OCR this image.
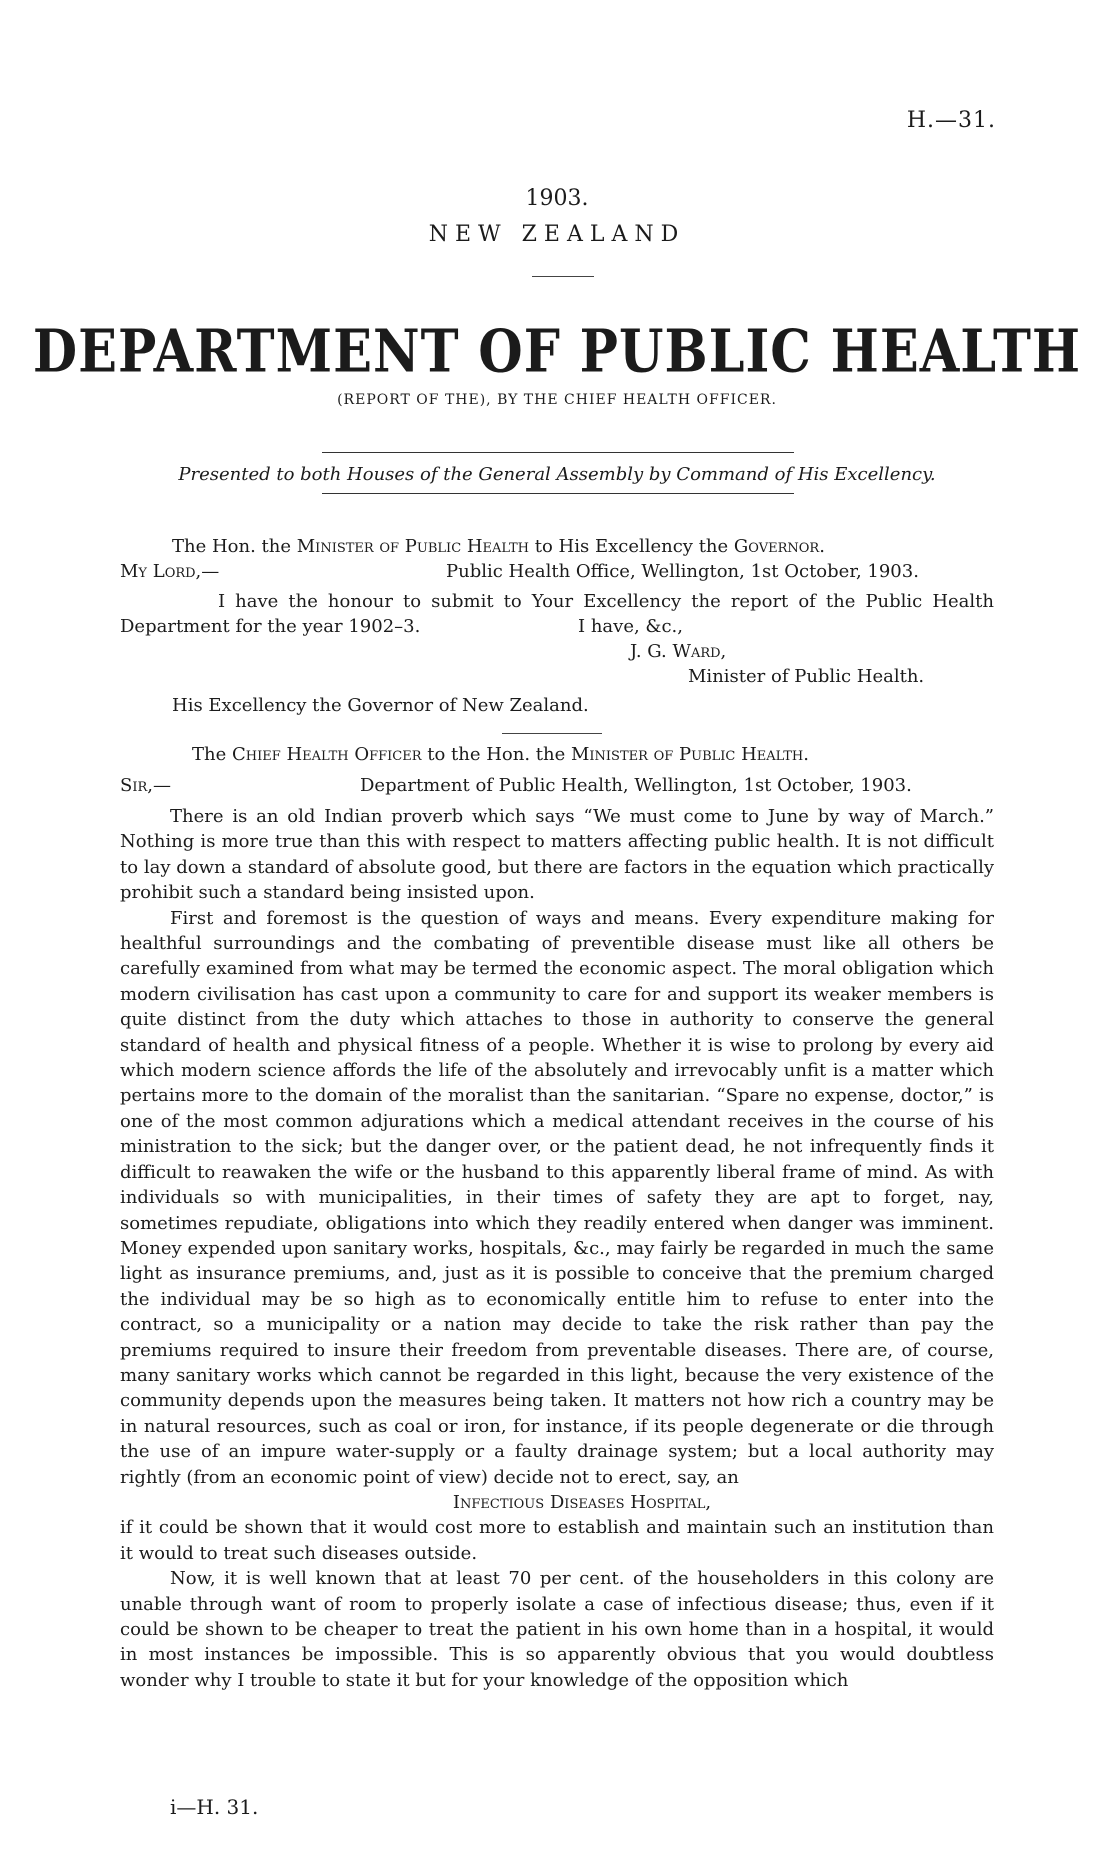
H.—31.
1903.
NEW ZEALAND
DEPARTMENT OF PUBLIC HEALTH
(REPORT OF THE), BY THE CHIEF HEALTH OFFICER.
Presented to both Houses of the General Assembly by Command of His Excellency.
The Hon. the Minister of Public Health to His Excellency the Governor.
My Lord,—	Public Health Office, Wellington, 1st October, 1903.
I have the honour to submit to Your Excellency the report of the Public Health
Department for the year 1902–3.	I have, &c.,
J. G. Ward,
Minister of Public Health.
His Excellency the Governor of New Zealand.
The Chief Health Officer to the Hon. the Minister of Public Health.
Sir,—	Department of Public Health, Wellington, 1st October, 1903.

There is an old Indian proverb which says “We must come to June by way of March.” Nothing is more true than this with respect to matters affecting public health. It is not difficult to lay down a standard of absolute good, but there are factors in the equation which practically prohibit such a standard being insisted upon.

First and foremost is the question of ways and means. Every expenditure making for healthful surroundings and the combating of preventible disease must like all others be carefully examined from what may be termed the economic aspect. The moral obligation which modern civilisation has cast upon a community to care for and support its weaker members is quite distinct from the duty which attaches to those in authority to conserve the general standard of health and physical fitness of a people. Whether it is wise to prolong by every aid which modern science affords the life of the absolutely and irrevocably unfit is a matter which pertains more to the domain of the moralist than the sanitarian. “Spare no expense, doctor,” is one of the most common adjurations which a medical attendant receives in the course of his ministration to the sick; but the danger over, or the patient dead, he not infrequently finds it difficult to reawaken the wife or the husband to this apparently liberal frame of mind. As with individuals so with municipalities, in their times of safety they are apt to forget, nay, sometimes repudiate, obligations into which they readily entered when danger was imminent. Money expended upon sanitary works, hospitals, &c., may fairly be regarded in much the same light as insurance premiums, and, just as it is possible to conceive that the premium charged the individual may be so high as to economically entitle him to refuse to enter into the contract, so a municipality or a nation may decide to take the risk rather than pay the premiums required to insure their freedom from preventable diseases. There are, of course, many sanitary works which cannot be regarded in this light, because the very existence of the community depends upon the measures being taken. It matters not how rich a country may be in natural resources, such as coal or iron, for instance, if its people degenerate or die through the use of an impure water-supply or a faulty drainage system; but a local authority may rightly (from an economic point of view) decide not to erect, say, an

Infectious Diseases Hospital,

if it could be shown that it would cost more to establish and maintain such an institution than it would to treat such diseases outside.

Now, it is well known that at least 70 per cent. of the householders in this colony are unable through want of room to properly isolate a case of infectious disease; thus, even if it could be shown to be cheaper to treat the patient in his own home than in a hospital, it would in most instances be impossible. This is so apparently obvious that you would doubtless wonder why I trouble to state it but for your knowledge of the opposition which

i—H. 31.
